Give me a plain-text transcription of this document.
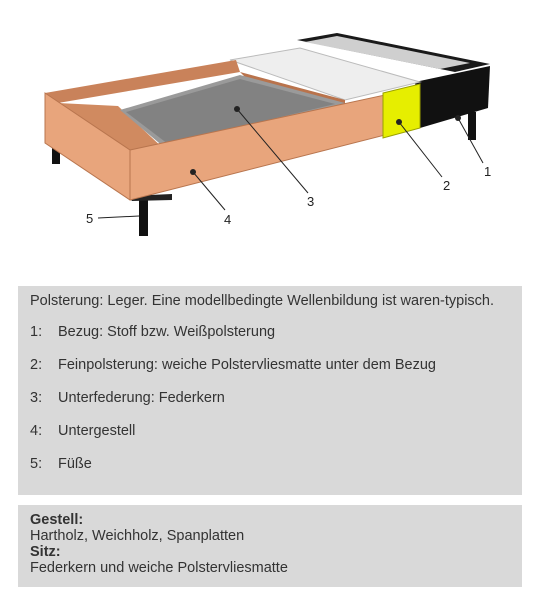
1
2
3
4
5

Polsterung: Leger. Eine modellbedingte Wellenbildung ist waren-typisch.

1:	Bezug: Stoff bzw. Weißpolsterung
2:	Feinpolsterung: weiche Polstervliesmatte unter dem Bezug
3:	Unterfederung: Federkern
4:	Untergestell
5:	Füße
Gestell:
Hartholz, Weichholz, Spanplatten
Sitz:
Federkern und weiche Polstervliesmatte
